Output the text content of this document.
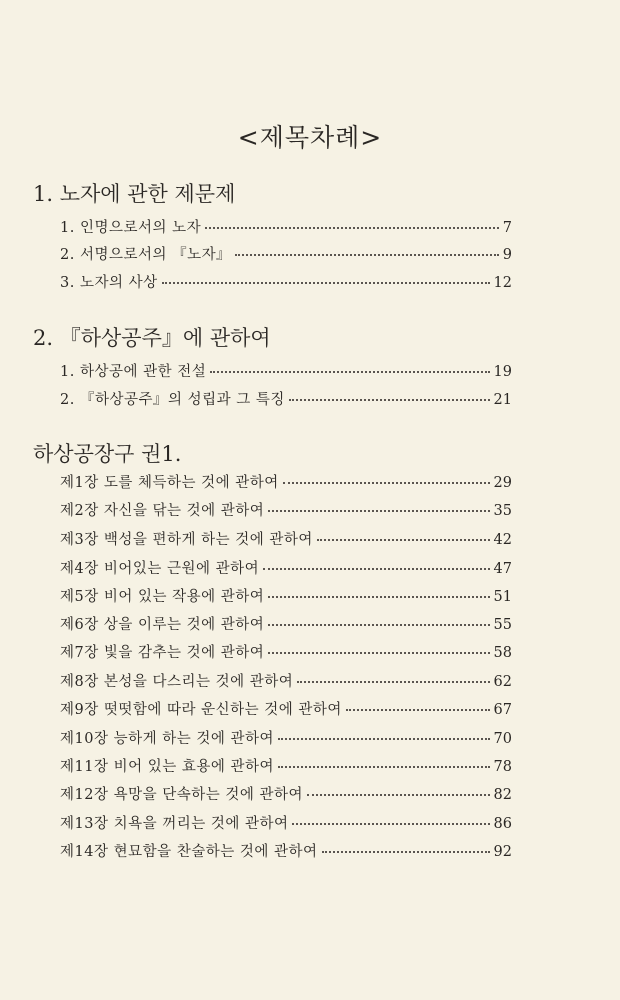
<제목차례>
1. 노자에 관한 제문제
1. 인명으로서의 노자	7
2. 서명으로서의 『노자』	9
3. 노자의 사상	12
2. 『하상공주』에 관하여
1. 하상공에 관한 전설	19
2. 『하상공주』의 성립과 그 특징	21
하상공장구 권1.
제1장 도를 체득하는 것에 관하여	29
제2장 자신을 닦는 것에 관하여	35
제3장 백성을 편하게 하는 것에 관하여	42
제4장 비어있는 근원에 관하여	47
제5장 비어 있는 작용에 관하여	51
제6장 상을 이루는 것에 관하여	55
제7장 빛을 감추는 것에 관하여	58
제8장 본성을 다스리는 것에 관하여	62
제9장 떳떳함에 따라 운신하는 것에 관하여	67
제10장 능하게 하는 것에 관하여	70
제11장 비어 있는 효용에 관하여	78
제12장 욕망을 단속하는 것에 관하여	82
제13장 치욕을 꺼리는 것에 관하여	86
제14장 현묘함을 찬술하는 것에 관하여	92
